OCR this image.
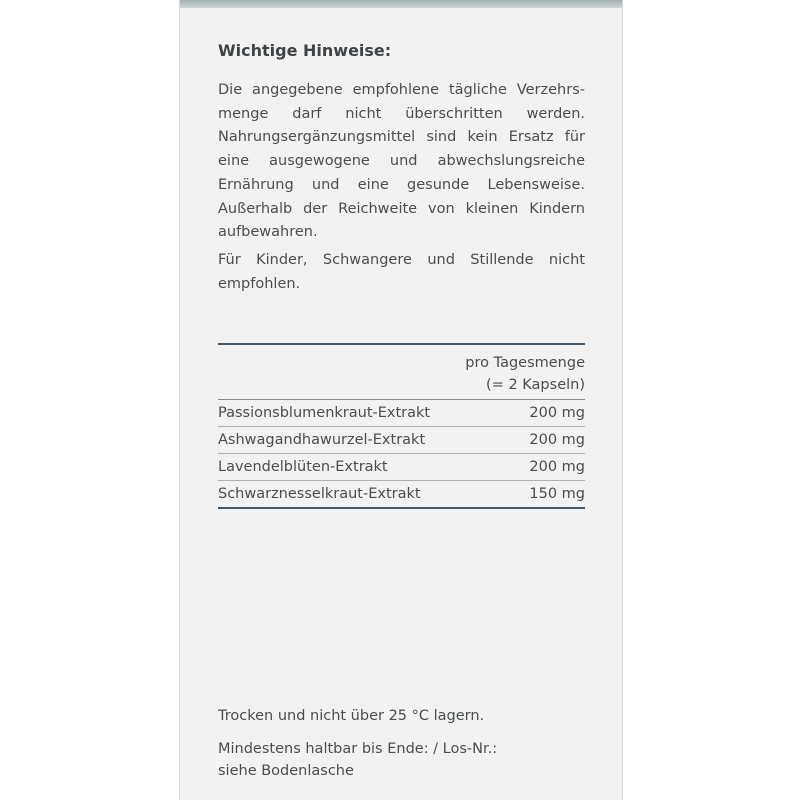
Wichtige Hinweise:

Die angegebene empfohlene tägliche Verzehrsmenge darf nicht überschritten werden. Nahrungsergänzungsmittel sind kein Ersatz für eine ausgewogene und abwechslungsreiche Ernährung und eine gesunde Lebensweise. Außerhalb der Reichweite von kleinen Kindern aufbewahren.

Für Kinder, Schwangere und Stillende nicht empfohlen.

pro Tagesmenge
(= 2 Kapseln)
Passionsblumenkraut-Extrakt	200 mg
Ashwagandhawurzel-Extrakt	200 mg
Lavendelblüten-Extrakt	200 mg
Schwarznesselkraut-Extrakt	150 mg

Trocken und nicht über 25 °C lagern.

Mindestens haltbar bis Ende: / Los-Nr.:
siehe Bodenlasche
